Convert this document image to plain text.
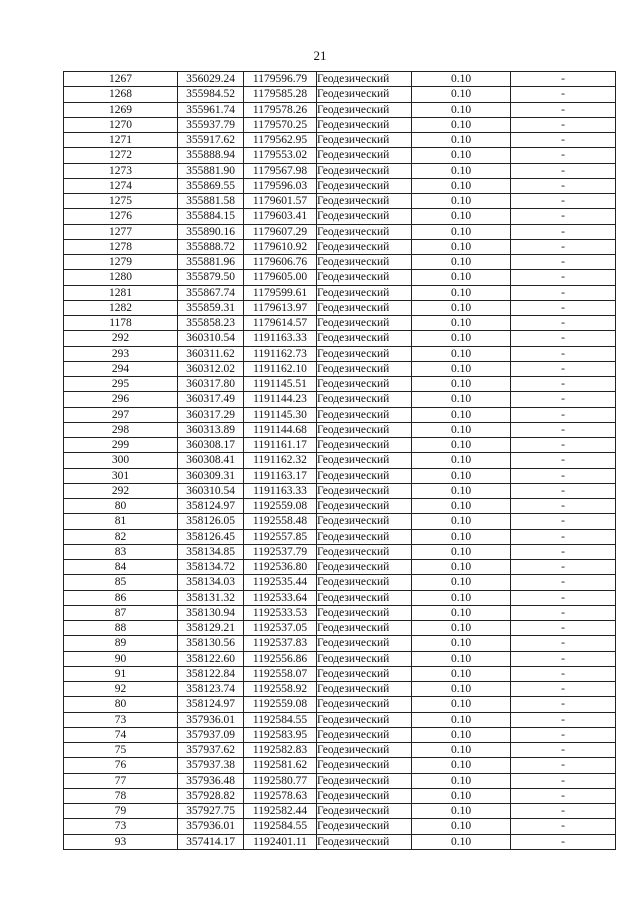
21
1267	356029.24	1179596.79	Геодезический	0.10	-
1268	355984.52	1179585.28	Геодезический	0.10	-
1269	355961.74	1179578.26	Геодезический	0.10	-
1270	355937.79	1179570.25	Геодезический	0.10	-
1271	355917.62	1179562.95	Геодезический	0.10	-
1272	355888.94	1179553.02	Геодезический	0.10	-
1273	355881.90	1179567.98	Геодезический	0.10	-
1274	355869.55	1179596.03	Геодезический	0.10	-
1275	355881.58	1179601.57	Геодезический	0.10	-
1276	355884.15	1179603.41	Геодезический	0.10	-
1277	355890.16	1179607.29	Геодезический	0.10	-
1278	355888.72	1179610.92	Геодезический	0.10	-
1279	355881.96	1179606.76	Геодезический	0.10	-
1280	355879.50	1179605.00	Геодезический	0.10	-
1281	355867.74	1179599.61	Геодезический	0.10	-
1282	355859.31	1179613.97	Геодезический	0.10	-
1178	355858.23	1179614.57	Геодезический	0.10	-
292	360310.54	1191163.33	Геодезический	0.10	-
293	360311.62	1191162.73	Геодезический	0.10	-
294	360312.02	1191162.10	Геодезический	0.10	-
295	360317.80	1191145.51	Геодезический	0.10	-
296	360317.49	1191144.23	Геодезический	0.10	-
297	360317.29	1191145.30	Геодезический	0.10	-
298	360313.89	1191144.68	Геодезический	0.10	-
299	360308.17	1191161.17	Геодезический	0.10	-
300	360308.41	1191162.32	Геодезический	0.10	-
301	360309.31	1191163.17	Геодезический	0.10	-
292	360310.54	1191163.33	Геодезический	0.10	-
80	358124.97	1192559.08	Геодезический	0.10	-
81	358126.05	1192558.48	Геодезический	0.10	-
82	358126.45	1192557.85	Геодезический	0.10	-
83	358134.85	1192537.79	Геодезический	0.10	-
84	358134.72	1192536.80	Геодезический	0.10	-
85	358134.03	1192535.44	Геодезический	0.10	-
86	358131.32	1192533.64	Геодезический	0.10	-
87	358130.94	1192533.53	Геодезический	0.10	-
88	358129.21	1192537.05	Геодезический	0.10	-
89	358130.56	1192537.83	Геодезический	0.10	-
90	358122.60	1192556.86	Геодезический	0.10	-
91	358122.84	1192558.07	Геодезический	0.10	-
92	358123.74	1192558.92	Геодезический	0.10	-
80	358124.97	1192559.08	Геодезический	0.10	-
73	357936.01	1192584.55	Геодезический	0.10	-
74	357937.09	1192583.95	Геодезический	0.10	-
75	357937.62	1192582.83	Геодезический	0.10	-
76	357937.38	1192581.62	Геодезический	0.10	-
77	357936.48	1192580.77	Геодезический	0.10	-
78	357928.82	1192578.63	Геодезический	0.10	-
79	357927.75	1192582.44	Геодезический	0.10	-
73	357936.01	1192584.55	Геодезический	0.10	-
93	357414.17	1192401.11	Геодезический	0.10	-
